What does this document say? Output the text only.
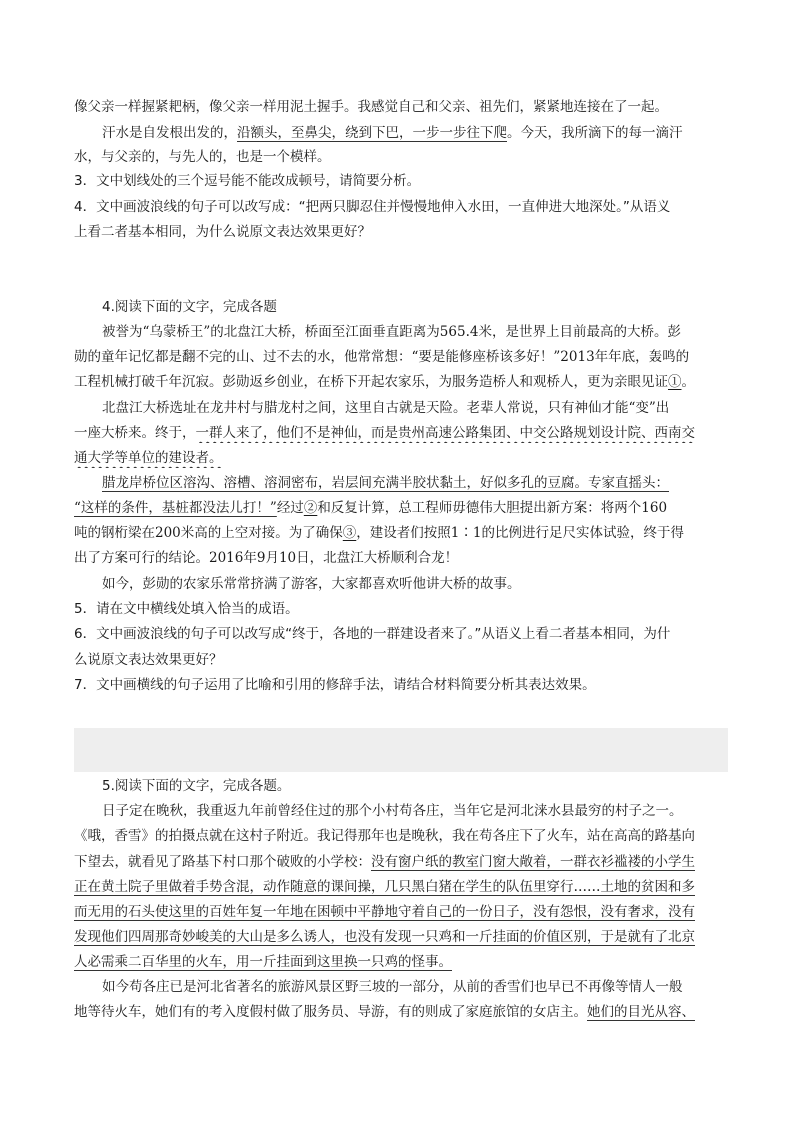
像父亲一样握紧耙柄，像父亲一样用泥土握手。我感觉自己和父亲、祖先们，紧紧地连接在了一起。
汗水是自发根出发的，沿额头，至鼻尖，绕到下巴，一步一步往下爬。今天，我所滴下的每一滴汗
水，与父亲的，与先人的，也是一个模样。
3．文中划线处的三个逗号能不能改成顿号，请简要分析。
4．文中画波浪线的句子可以改写成：“把两只脚忍住并慢慢地伸入水田，一直伸进大地深处。”从语义
上看二者基本相同，为什么说原文表达效果更好？
4.阅读下面的文字，完成各题
被誉为“乌蒙桥王”的北盘江大桥，桥面至江面垂直距离为565.4米，是世界上目前最高的大桥。彭
勋的童年记忆都是翻不完的山、过不去的水，他常常想：“要是能修座桥该多好！”2013年年底，轰鸣的
工程机械打破千年沉寂。彭勋返乡创业，在桥下开起农家乐，为服务造桥人和观桥人，更为亲眼见证①。
北盘江大桥选址在龙井村与腊龙村之间，这里自古就是天险。老辈人常说，只有神仙才能“变”出
一座大桥来。终于，一群人来了，他们不是神仙，而是贵州高速公路集团、中交公路规划设计院、西南交
通大学等单位的建设者。
腊龙岸桥位区溶沟、溶槽、溶洞密布，岩层间充满半胶状黏土，好似多孔的豆腐。专家直摇头：
“这样的条件，基桩都没法儿打！”经过②和反复计算，总工程师毋德伟大胆提出新方案：将两个160
吨的钢桁梁在200米高的上空对接。为了确保③，建设者们按照1∶1的比例进行足尺实体试验，终于得
出了方案可行的结论。2016年9月10日，北盘江大桥顺利合龙！
如今，彭勋的农家乐常常挤满了游客，大家都喜欢听他讲大桥的故事。
5．请在文中横线处填入恰当的成语。
6．文中画波浪线的句子可以改写成“终于，各地的一群建设者来了。”从语义上看二者基本相同，为什
么说原文表达效果更好？
7．文中画横线的句子运用了比喻和引用的修辞手法，请结合材料简要分析其表达效果。
5.阅读下面的文字，完成各题。
日子定在晚秋，我重返九年前曾经住过的那个小村苟各庄，当年它是河北涞水县最穷的村子之一。
《哦，香雪》的拍摄点就在这村子附近。我记得那年也是晚秋，我在苟各庄下了火车，站在高高的路基向
下望去，就看见了路基下村口那个破败的小学校：没有窗户纸的教室门窗大敞着，一群衣衫褴褛的小学生
正在黄土院子里做着手势含混，动作随意的课间操，几只黑白猪在学生的队伍里穿行……土地的贫困和多
而无用的石头使这里的百姓年复一年地在困顿中平静地守着自己的一份日子，没有怨恨，没有奢求，没有
发现他们四周那奇妙峻美的大山是多么诱人，也没有发现一只鸡和一斤挂面的价值区别，于是就有了北京
人必需乘二百华里的火车，用一斤挂面到这里换一只鸡的怪事。
如今苟各庄已是河北省著名的旅游风景区野三坡的一部分，从前的香雪们也早已不再像等情人一般
地等待火车，她们有的考入度假村做了服务员、导游，有的则成了家庭旅馆的女店主。她们的目光从容、
